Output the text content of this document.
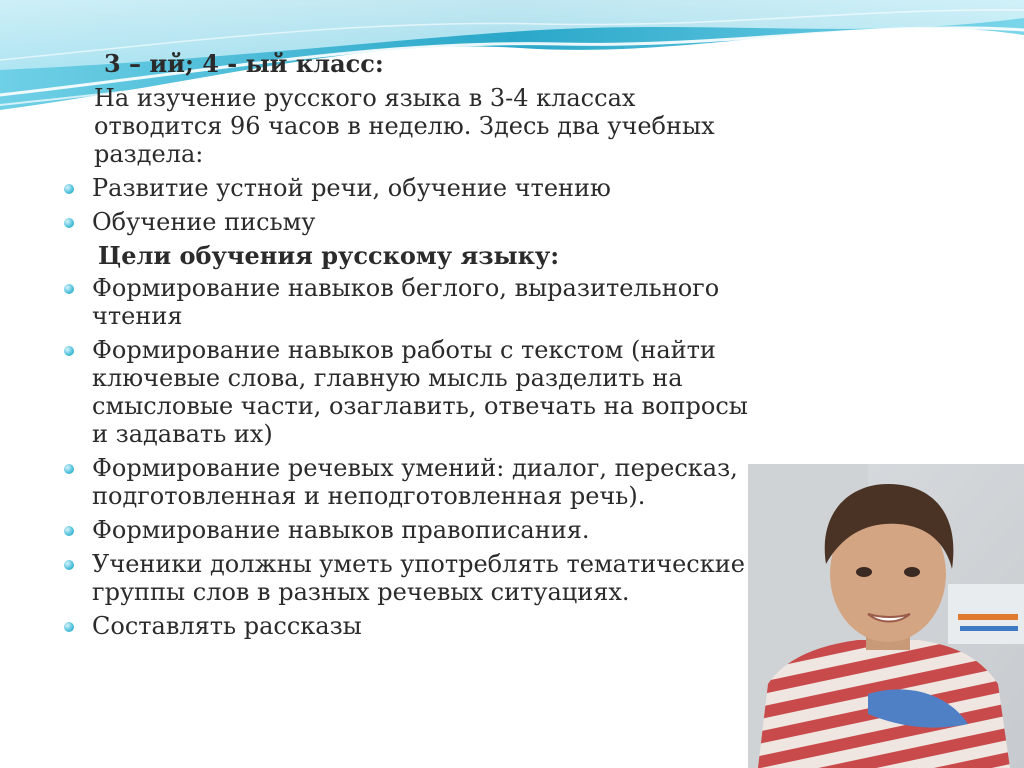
3 – ий; 4 - ый класс:
На изучение русского языка в 3-4 классах отводится 96 часов в неделю. Здесь два учебных раздела:
Развитие устной речи, обучение чтению
Обучение письму
Цели обучения русскому языку:
Формирование навыков беглого, выразительного чтения
Формирование навыков работы с текстом (найти ключевые слова, главную мысль разделить на смысловые части, озаглавить, отвечать на вопросы и задавать их)
Формирование речевых умений: диалог, пересказ, подготовленная и неподготовленная речь).
Формирование навыков правописания.
Ученики должны уметь употреблять тематические группы слов в разных речевых ситуациях.
Составлять рассказы
